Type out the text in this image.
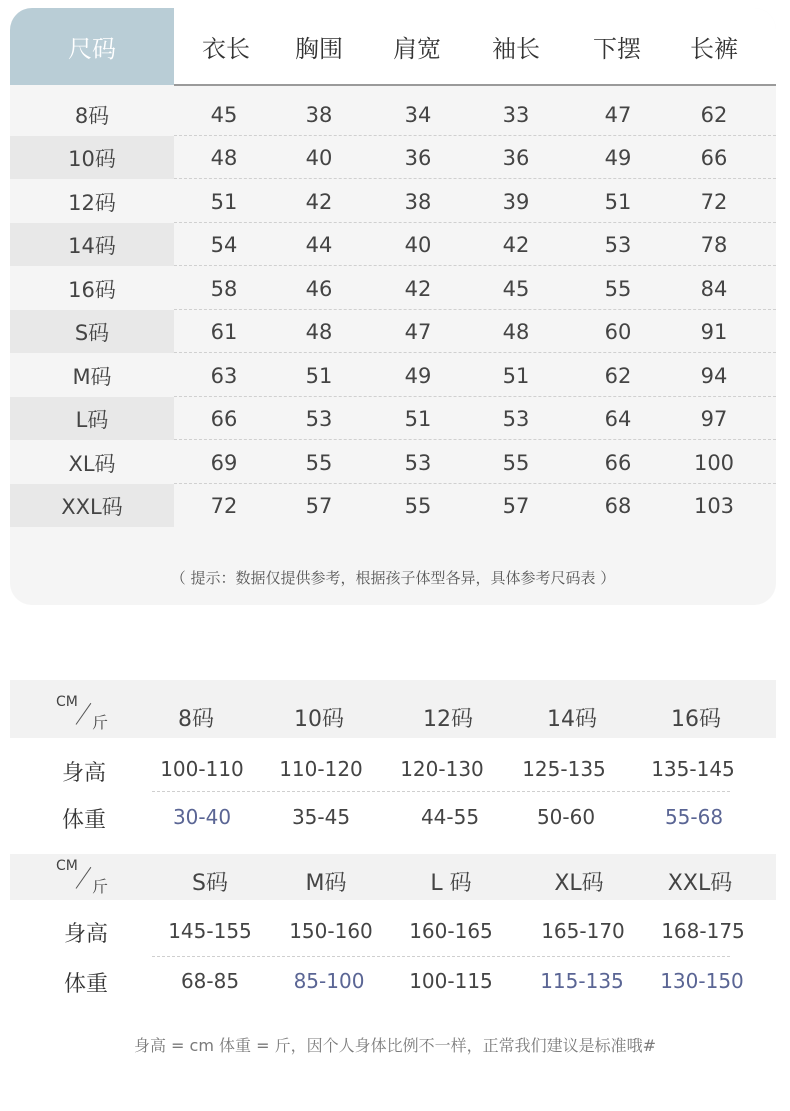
尺码	衣长	胸围	肩宽	袖长	下摆	长裤
8码	45	38	34	33	47	62
10码	48	40	36	36	49	66
12码	51	42	38	39	51	72
14码	54	44	40	42	53	78
16码	58	46	42	45	55	84
S码	61	48	47	48	60	91
M码	63	51	49	51	62	94
L码	66	53	51	53	64	97
XL码	69	55	53	55	66	100
XXL码	72	57	55	57	68	103
（ 提示：数据仅提供参考，根据孩子体型各异，具体参考尺码表 ）
CM
斤	8码	10码	12码	14码	16码
身高	100-110	110-120	120-130	125-135	135-145
体重	30-40	35-45	44-55	50-60	55-68
CM
斤	S码	M码	L 码	XL码	XXL码
身高	145-155	150-160	160-165	165-170	168-175
体重	68-85	85-100	100-115	115-135	130-150
身高 = cm 体重 = 斤，因个人身体比例不一样，正常我们建议是标准哦#
